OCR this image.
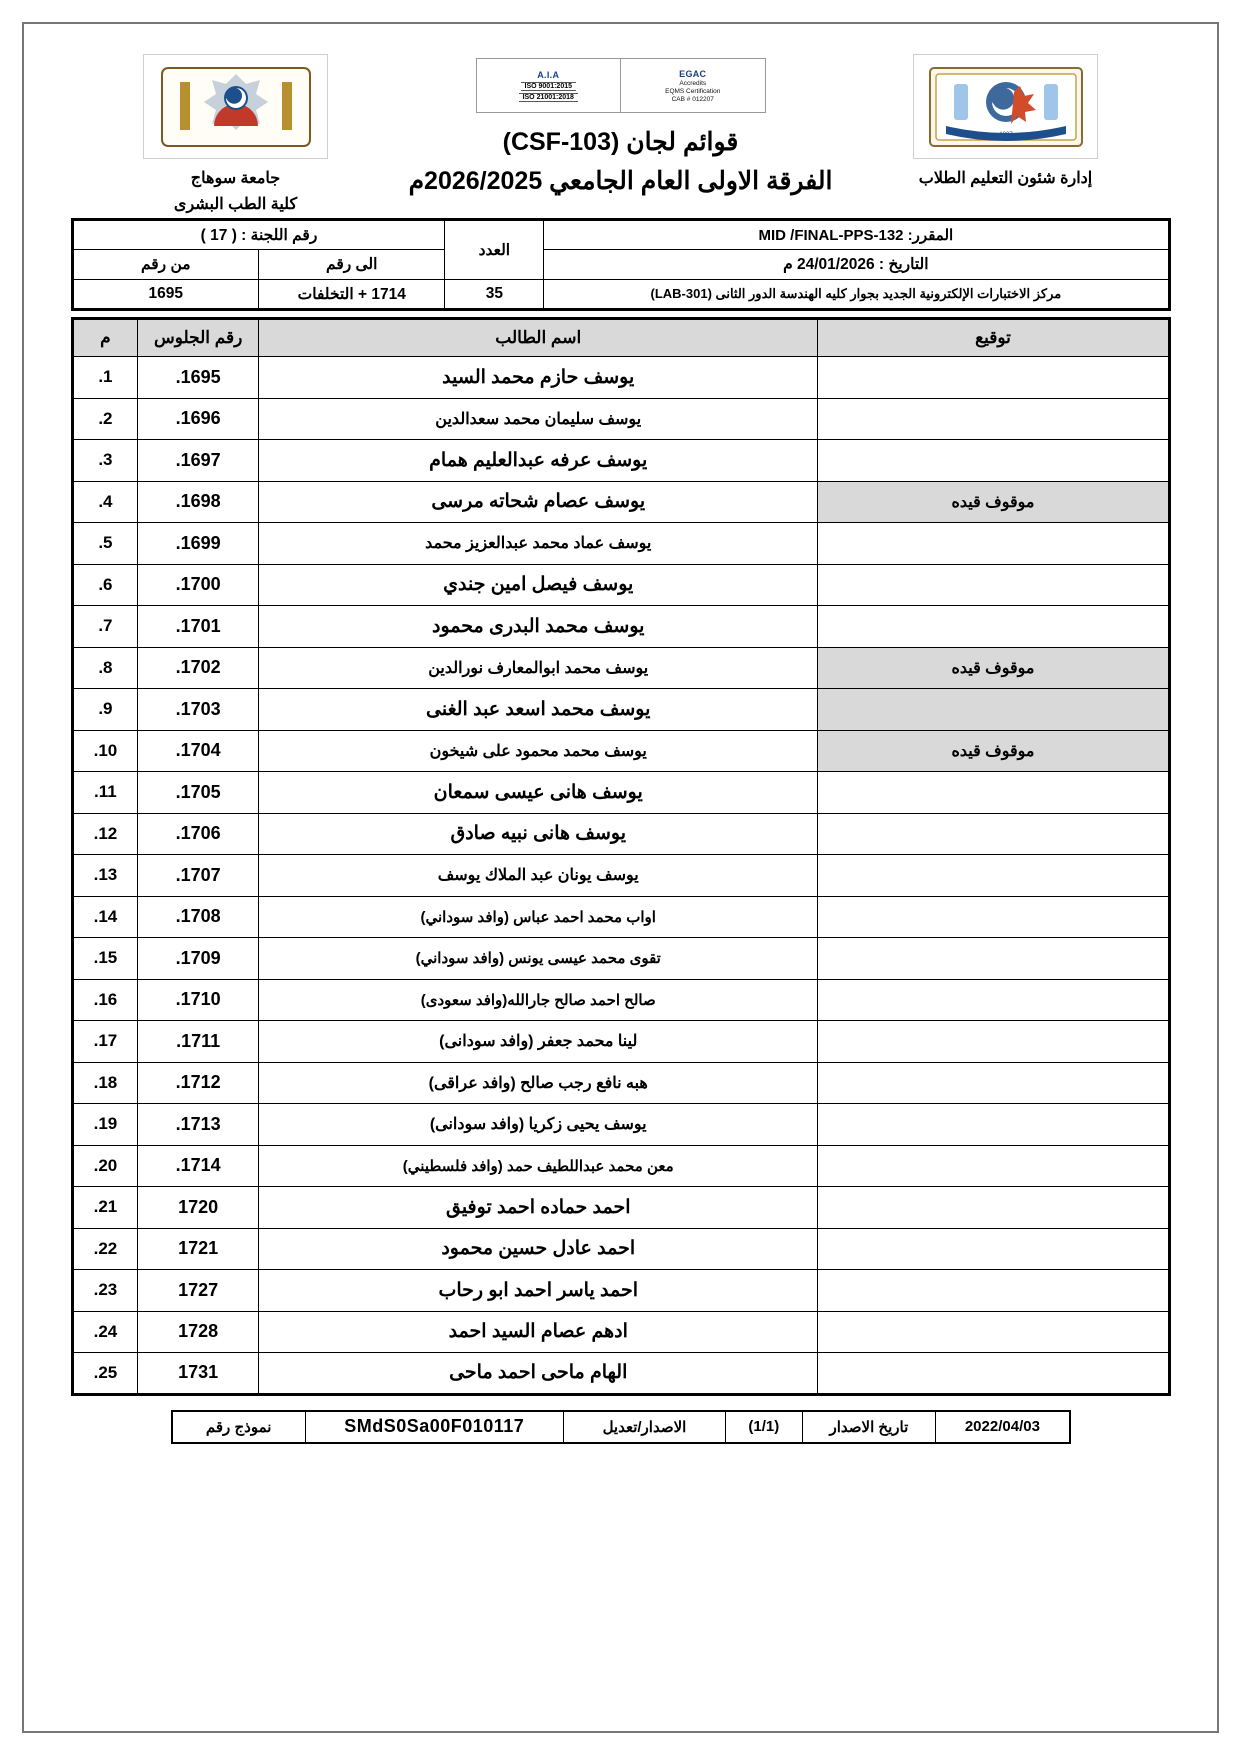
1997
إدارة شئون التعليم الطلاب
EGAC
Accredits
EQMS Certification
CAB # 012207
A.I.A
ISO 9001:2015
ISO 21001:2018
قوائم لجان (CSF-103)
الفرقة الاولى العام الجامعي 2026/2025م
جامعة سوهاج
كلية الطب البشرى
المقرر: MID /FINAL-PPS-132	العدد	رقم اللجنة : ( 17 )	
التاريخ : 24/01/2026 م		الى رقم	من رقم
مركز الاختبارات الإلكترونية الجديد بجوار كليه الهندسة الدور الثانى (LAB-301)	35	1714 + التخلفات	1695
توقيع	اسم الطالب	رقم الجلوس	م
	يوسف حازم محمد السيد	1695.	1.
	يوسف سليمان محمد سعدالدين	1696.	2.
	يوسف عرفه عبدالعليم همام	1697.	3.
موقوف قيده	يوسف عصام شحاته مرسى	1698.	4.
	يوسف عماد محمد عبدالعزيز محمد	1699.	5.
	يوسف فيصل امين جندي	1700.	6.
	يوسف محمد البدرى محمود	1701.	7.
موقوف قيده	يوسف محمد ابوالمعارف نورالدين	1702.	8.
	يوسف محمد اسعد عبد الغنى	1703.	9.
موقوف قيده	يوسف محمد محمود على شيخون	1704.	10.
	يوسف هانى عيسى سمعان	1705.	11.
	يوسف هانى نبيه صادق	1706.	12.
	يوسف يونان عبد الملاك يوسف	1707.	13.
	اواب محمد احمد عباس (وافد سوداني)	1708.	14.
	تقوى محمد عيسى يونس (وافد سوداني)	1709.	15.
	صالح احمد صالح جارالله(وافد سعودى)	1710.	16.
	لينا محمد جعفر (وافد سودانى)	1711.	17.
	هبه نافع رجب صالح (وافد عراقى)	1712.	18.
	يوسف يحيى زكريا (وافد سودانى)	1713.	19.
	معن محمد عبداللطيف حمد (وافد فلسطيني)	1714.	20.
	احمد حماده احمد توفيق	1720	21.
	احمد عادل حسين محمود	1721	22.
	احمد ياسر احمد ابو رحاب	1727	23.
	ادهم عصام السيد احمد	1728	24.
	الهام ماحى احمد ماحى	1731	25.
2022/04/03	تاريخ الاصدار	(1/1)	الاصدار/تعديل	SMdS0Sa00F010117	نموذج رقم
